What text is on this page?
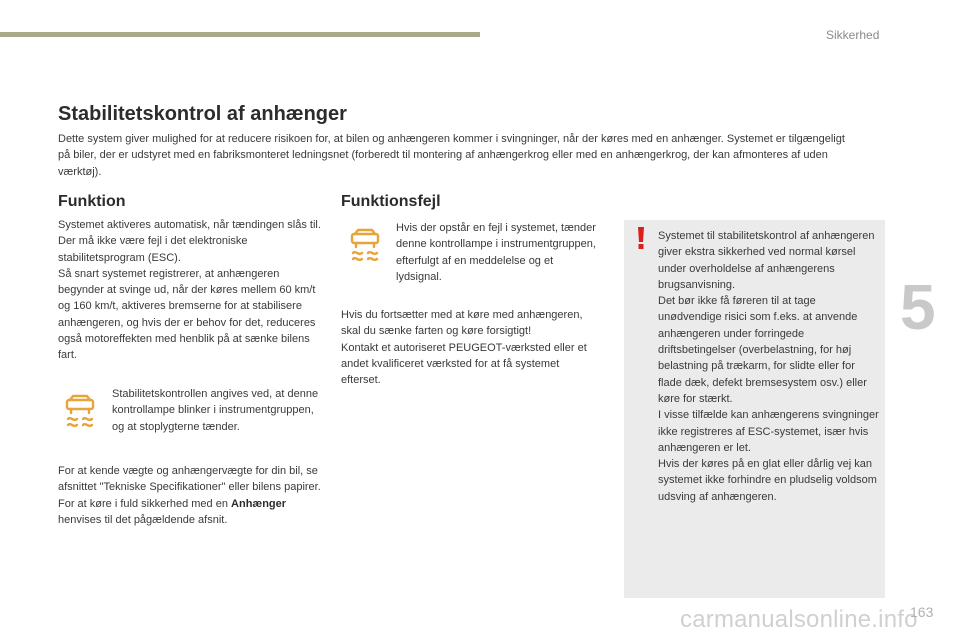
Sikkerhed
5
Stabilitetskontrol af anhænger
Dette system giver mulighed for at reducere risikoen for, at bilen og anhængeren kommer i svingninger, når der køres med en anhænger. Systemet er tilgængeligt på biler, der er udstyret med en fabriksmonteret ledningsnet (forberedt til montering af anhængerkrog eller med en anhængerkrog, der kan afmonteres af uden værktøj).
Funktion

Systemet aktiveres automatisk, når tændingen slås til.

Der må ikke være fejl i det elektroniske stabilitetsprogram (ESC).

Så snart systemet registrerer, at anhængeren begynder at svinge ud, når der køres mellem 60 km/t og 160 km/t, aktiveres bremserne for at stabilisere anhængeren, og hvis der er behov for det, reduceres også motoreffekten med henblik på at sænke bilens fart.

Stabilitetskontrollen angives ved, at denne kontrollampe blinker i instrumentgruppen, og at stoplygterne tænder.

For at kende vægte og anhængervægte for din bil, se afsnittet "Tekniske Specifikationer" eller bilens papirer.

For at køre i fuld sikkerhed med en Anhænger henvises til det pågældende afsnit.

Funktionsfejl
Hvis der opstår en fejl i systemet, tænder denne kontrollampe i instrumentgruppen, efterfulgt af en meddelelse og et lydsignal.

Hvis du fortsætter med at køre med anhængeren, skal du sænke farten og køre forsigtigt!

Kontakt et autoriseret PEUGEOT-værksted eller et andet kvalificeret værksted for at få systemet efterset.

Systemet til stabilitetskontrol af anhængeren giver ekstra sikkerhed ved normal kørsel under overholdelse af anhængerens brugsanvisning.

Det bør ikke få føreren til at tage unødvendige risici som f.eks. at anvende anhængeren under forringede driftsbetingelser (overbelastning, for høj belastning på trækarm, for slidte eller for flade dæk, defekt bremsesystem osv.) eller køre for stærkt.

I visse tilfælde kan anhængerens svingninger ikke registreres af ESC-systemet, især hvis anhængeren er let.

Hvis der køres på en glat eller dårlig vej kan systemet ikke forhindre en pludselig voldsom udsving af anhængeren.

carmanualsonline.info
163
